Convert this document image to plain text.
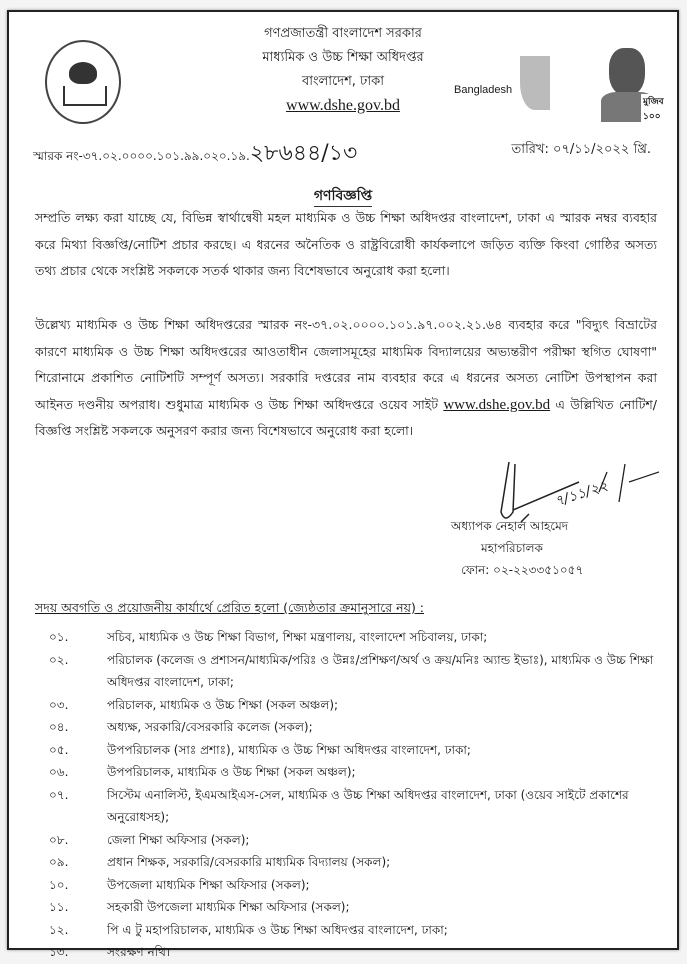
গণপ্রজাতন্ত্রী বাংলাদেশ সরকার
মাধ্যমিক ও উচ্চ শিক্ষা অধিদপ্তর
বাংলাদেশ, ঢাকা
www.dshe.gov.bd
Bangladesh
মুজিব ১০০
স্মারক নং-৩৭.০২.০০০০.১০১.৯৯.০২০.১৯.২৮৬৪৪/১৩	তারিখ: ০৭/১১/২০২২ খ্রি.
গণবিজ্ঞপ্তি
সম্প্রতি লক্ষ্য করা যাচ্ছে যে, বিভিন্ন স্বার্থান্বেষী মহল মাধ্যমিক ও উচ্চ শিক্ষা অধিদপ্তর বাংলাদেশ, ঢাকা এ স্মারক নম্বর ব্যবহার করে মিথ্যা বিজ্ঞপ্তি/নোটিশ প্রচার করছে। এ ধরনের অনৈতিক ও রাষ্ট্রবিরোধী কার্যকলাপে জড়িত ব্যক্তি কিংবা গোষ্ঠির অসত্য তথ্য প্রচার থেকে সংশ্লিষ্ট সকলকে সতর্ক থাকার জন্য বিশেষভাবে অনুরোধ করা হলো।
উল্লেখ্য মাধ্যমিক ও উচ্চ শিক্ষা অধিদপ্তরের স্মারক নং-৩৭.০২.০০০০.১০১.৯৭.০০২.২১.৬৪ ব্যবহার করে "বিদ্যুৎ বিভ্রাটের কারণে মাধ্যমিক ও উচ্চ শিক্ষা অধিদপ্তরের আওতাধীন জেলাসমূহের মাধ্যমিক বিদ্যালয়ের অভ্যন্তরীণ পরীক্ষা স্থগিত ঘোষণা" শিরোনামে প্রকাশিত নোটিশটি সম্পূর্ণ অসত্য। সরকারি দপ্তরের নাম ব্যবহার করে এ ধরনের অসত্য নোটিশ উপস্থাপন করা আইনত দণ্ডনীয় অপরাধ। শুধুমাত্র মাধ্যমিক ও উচ্চ শিক্ষা অধিদপ্তরে ওয়েব সাইট www.dshe.gov.bd এ উল্লিখিত নোটিশ/বিজ্ঞপ্তি সংশ্লিষ্ট সকলকে অনুসরণ করার জন্য বিশেষভাবে অনুরোধ করা হলো।
৭/১১/২২
অধ্যাপক নেহাল আহমেদ
মহাপরিচালক
ফোন: ০২-২২৩৩৫১০৫৭
সদয় অবগতি ও প্রয়োজনীয় কার্যার্থে প্রেরিত হলো (জ্যেষ্ঠতার ক্রমানুসারে নয়) :
০১.	সচিব, মাধ্যমিক ও উচ্চ শিক্ষা বিভাগ, শিক্ষা মন্ত্রণালয়, বাংলাদেশ সচিবালয়, ঢাকা;
০২.	পরিচালক (কলেজ ও প্রশাসন/মাধ্যমিক/পরিঃ ও উন্নঃ/প্রশিক্ষণ/অর্থ ও ক্রয়/মনিঃ অ্যান্ড ইভাঃ), মাধ্যমিক ও উচ্চ শিক্ষা অধিদপ্তর বাংলাদেশ, ঢাকা;
০৩.	পরিচালক, মাধ্যমিক ও উচ্চ শিক্ষা (সকল অঞ্চল);
০৪.	অধ্যক্ষ, সরকারি/বেসরকারি কলেজ (সকল);
০৫.	উপপরিচালক (সাঃ প্রশাঃ), মাধ্যমিক ও উচ্চ শিক্ষা অধিদপ্তর বাংলাদেশ, ঢাকা;
০৬.	উপপরিচালক, মাধ্যমিক ও উচ্চ শিক্ষা (সকল অঞ্চল);
০৭.	সিস্টেম এনালিস্ট, ইএমআইএস-সেল, মাধ্যমিক ও উচ্চ শিক্ষা অধিদপ্তর বাংলাদেশ, ঢাকা (ওয়েব সাইটে প্রকাশের অনুরোধসহ);
০৮.	জেলা শিক্ষা অফিসার (সকল);
০৯.	প্রধান শিক্ষক, সরকারি/বেসরকারি মাধ্যমিক বিদ্যালয় (সকল);
১০.	উপজেলা মাধ্যমিক শিক্ষা অফিসার (সকল);
১১.	সহকারী উপজেলা মাধ্যমিক শিক্ষা অফিসার (সকল);
১২.	পি এ টু মহাপরিচালক, মাধ্যমিক ও উচ্চ শিক্ষা অধিদপ্তর বাংলাদেশ, ঢাকা;
১৩.	সংরক্ষণ নথি।
